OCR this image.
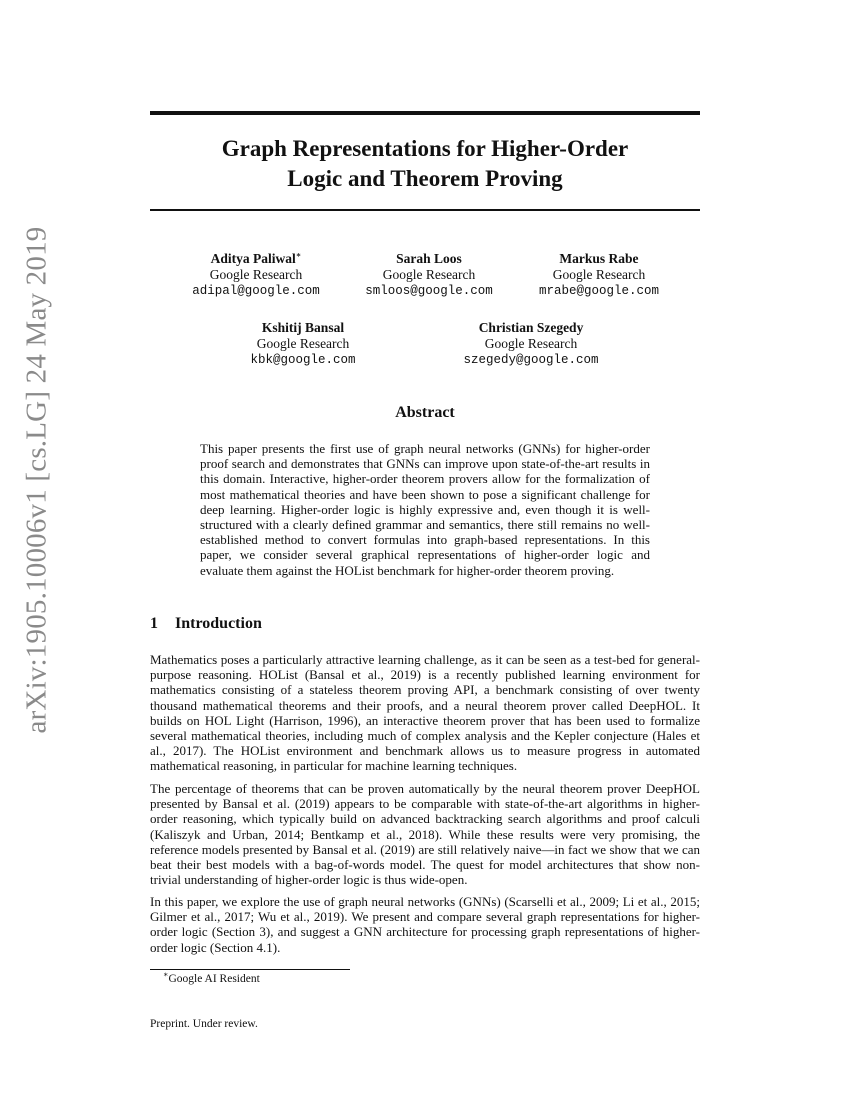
arXiv:1905.10006v1 [cs.LG] 24 May 2019
Graph Representations for Higher-Order
Logic and Theorem Proving
Aditya Paliwal∗
Google Research
adipal@google.com
Sarah Loos
Google Research
smloos@google.com
Markus Rabe
Google Research
mrabe@google.com
Kshitij Bansal
Google Research
kbk@google.com
Christian Szegedy
Google Research
szegedy@google.com
Abstract
This paper presents the first use of graph neural networks (GNNs) for higher-order proof search and demonstrates that GNNs can improve upon state-of-the-art results in this domain. Interactive, higher-order theorem provers allow for the formalization of most mathematical theories and have been shown to pose a significant challenge for deep learning. Higher-order logic is highly expressive and, even though it is well-structured with a clearly defined grammar and semantics, there still remains no well-established method to convert formulas into graph-based representations. In this paper, we consider several graphical representations of higher-order logic and evaluate them against the HOList benchmark for higher-order theorem proving.
1 Introduction

Mathematics poses a particularly attractive learning challenge, as it can be seen as a test-bed for general-purpose reasoning. HOList (Bansal et al., 2019) is a recently published learning environment for mathematics consisting of a stateless theorem proving API, a benchmark consisting of over twenty thousand mathematical theorems and their proofs, and a neural theorem prover called DeepHOL. It builds on HOL Light (Harrison, 1996), an interactive theorem prover that has been used to formalize several mathematical theories, including much of complex analysis and the Kepler conjecture (Hales et al., 2017). The HOList environment and benchmark allows us to measure progress in automated mathematical reasoning, in particular for machine learning techniques.

The percentage of theorems that can be proven automatically by the neural theorem prover DeepHOL presented by Bansal et al. (2019) appears to be comparable with state-of-the-art algorithms in higher-order reasoning, which typically build on advanced backtracking search algorithms and proof calculi (Kaliszyk and Urban, 2014; Bentkamp et al., 2018). While these results were very promising, the reference models presented by Bansal et al. (2019) are still relatively naive—in fact we show that we can beat their best models with a bag-of-words model. The quest for model architectures that show non-trivial understanding of higher-order logic is thus wide-open.

In this paper, we explore the use of graph neural networks (GNNs) (Scarselli et al., 2009; Li et al., 2015; Gilmer et al., 2017; Wu et al., 2019). We present and compare several graph representations for higher-order logic (Section 3), and suggest a GNN architecture for processing graph representations of higher-order logic (Section 4.1).

∗Google AI Resident
Preprint. Under review.
